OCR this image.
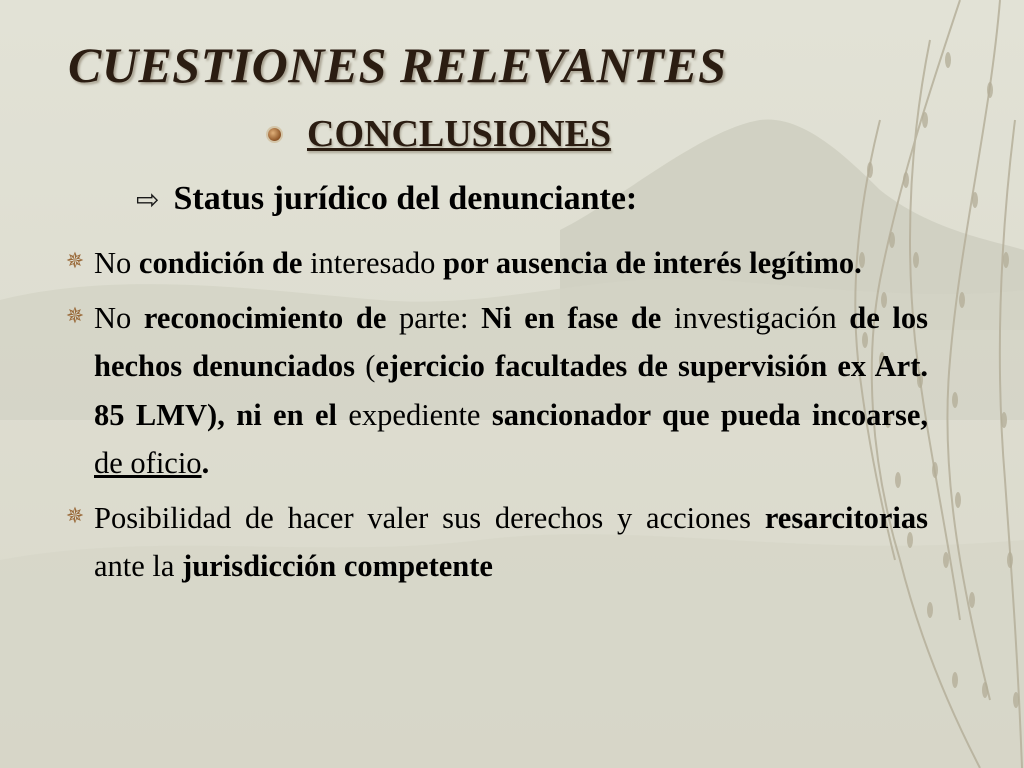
CUESTIONES RELEVANTES
CONCLUSIONES
⇨ Status jurídico del denunciante:
✵ No condición de interesado por ausencia de interés legítimo.
✵ No reconocimiento de parte: Ni en fase de investigación de los hechos denunciados (ejercicio facultades de supervisión ex Art. 85 LMV), ni en el expediente sancionador que pueda incoarse, de oficio.
✵ Posibilidad de hacer valer sus derechos y acciones resarcitorias ante la jurisdicción competente
